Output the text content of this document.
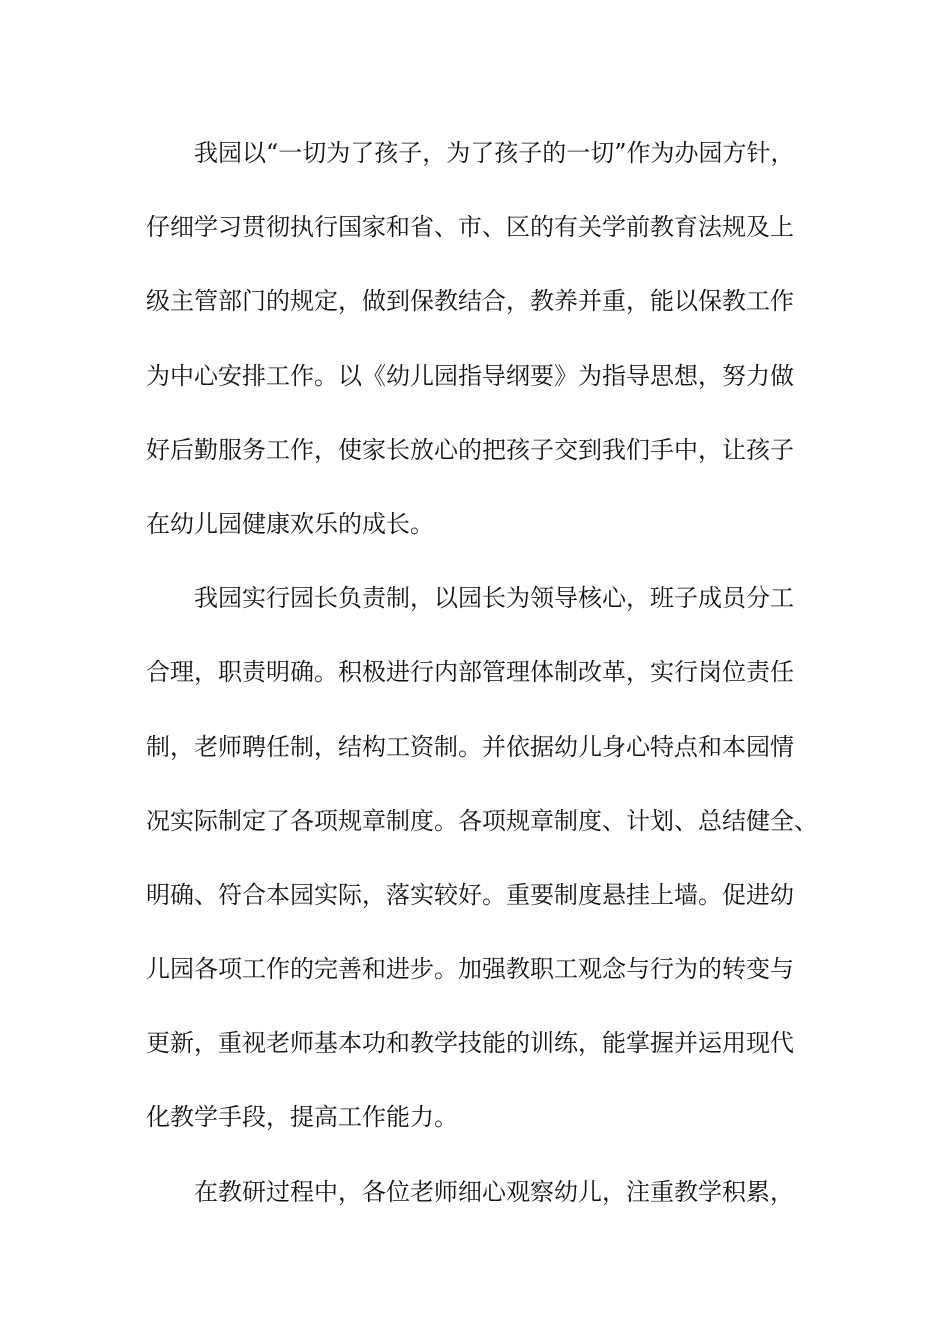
我园以“一切为了孩子，为了孩子的一切”作为办园方针，
仔细学习贯彻执行国家和省、市、区的有关学前教育法规及上
级主管部门的规定，做到保教结合，教养并重，能以保教工作
为中心安排工作。以《幼儿园指导纲要》为指导思想，努力做
好后勤服务工作，使家长放心的把孩子交到我们手中，让孩子
在幼儿园健康欢乐的成长。
我园实行园长负责制，以园长为领导核心，班子成员分工
合理，职责明确。积极进行内部管理体制改革，实行岗位责任
制，老师聘任制，结构工资制。并依据幼儿身心特点和本园情
况实际制定了各项规章制度。各项规章制度、计划、总结健全、
明确、符合本园实际，落实较好。重要制度悬挂上墙。促进幼
儿园各项工作的完善和进步。加强教职工观念与行为的转变与
更新，重视老师基本功和教学技能的训练，能掌握并运用现代
化教学手段，提高工作能力。
在教研过程中，各位老师细心观察幼儿，注重教学积累，
